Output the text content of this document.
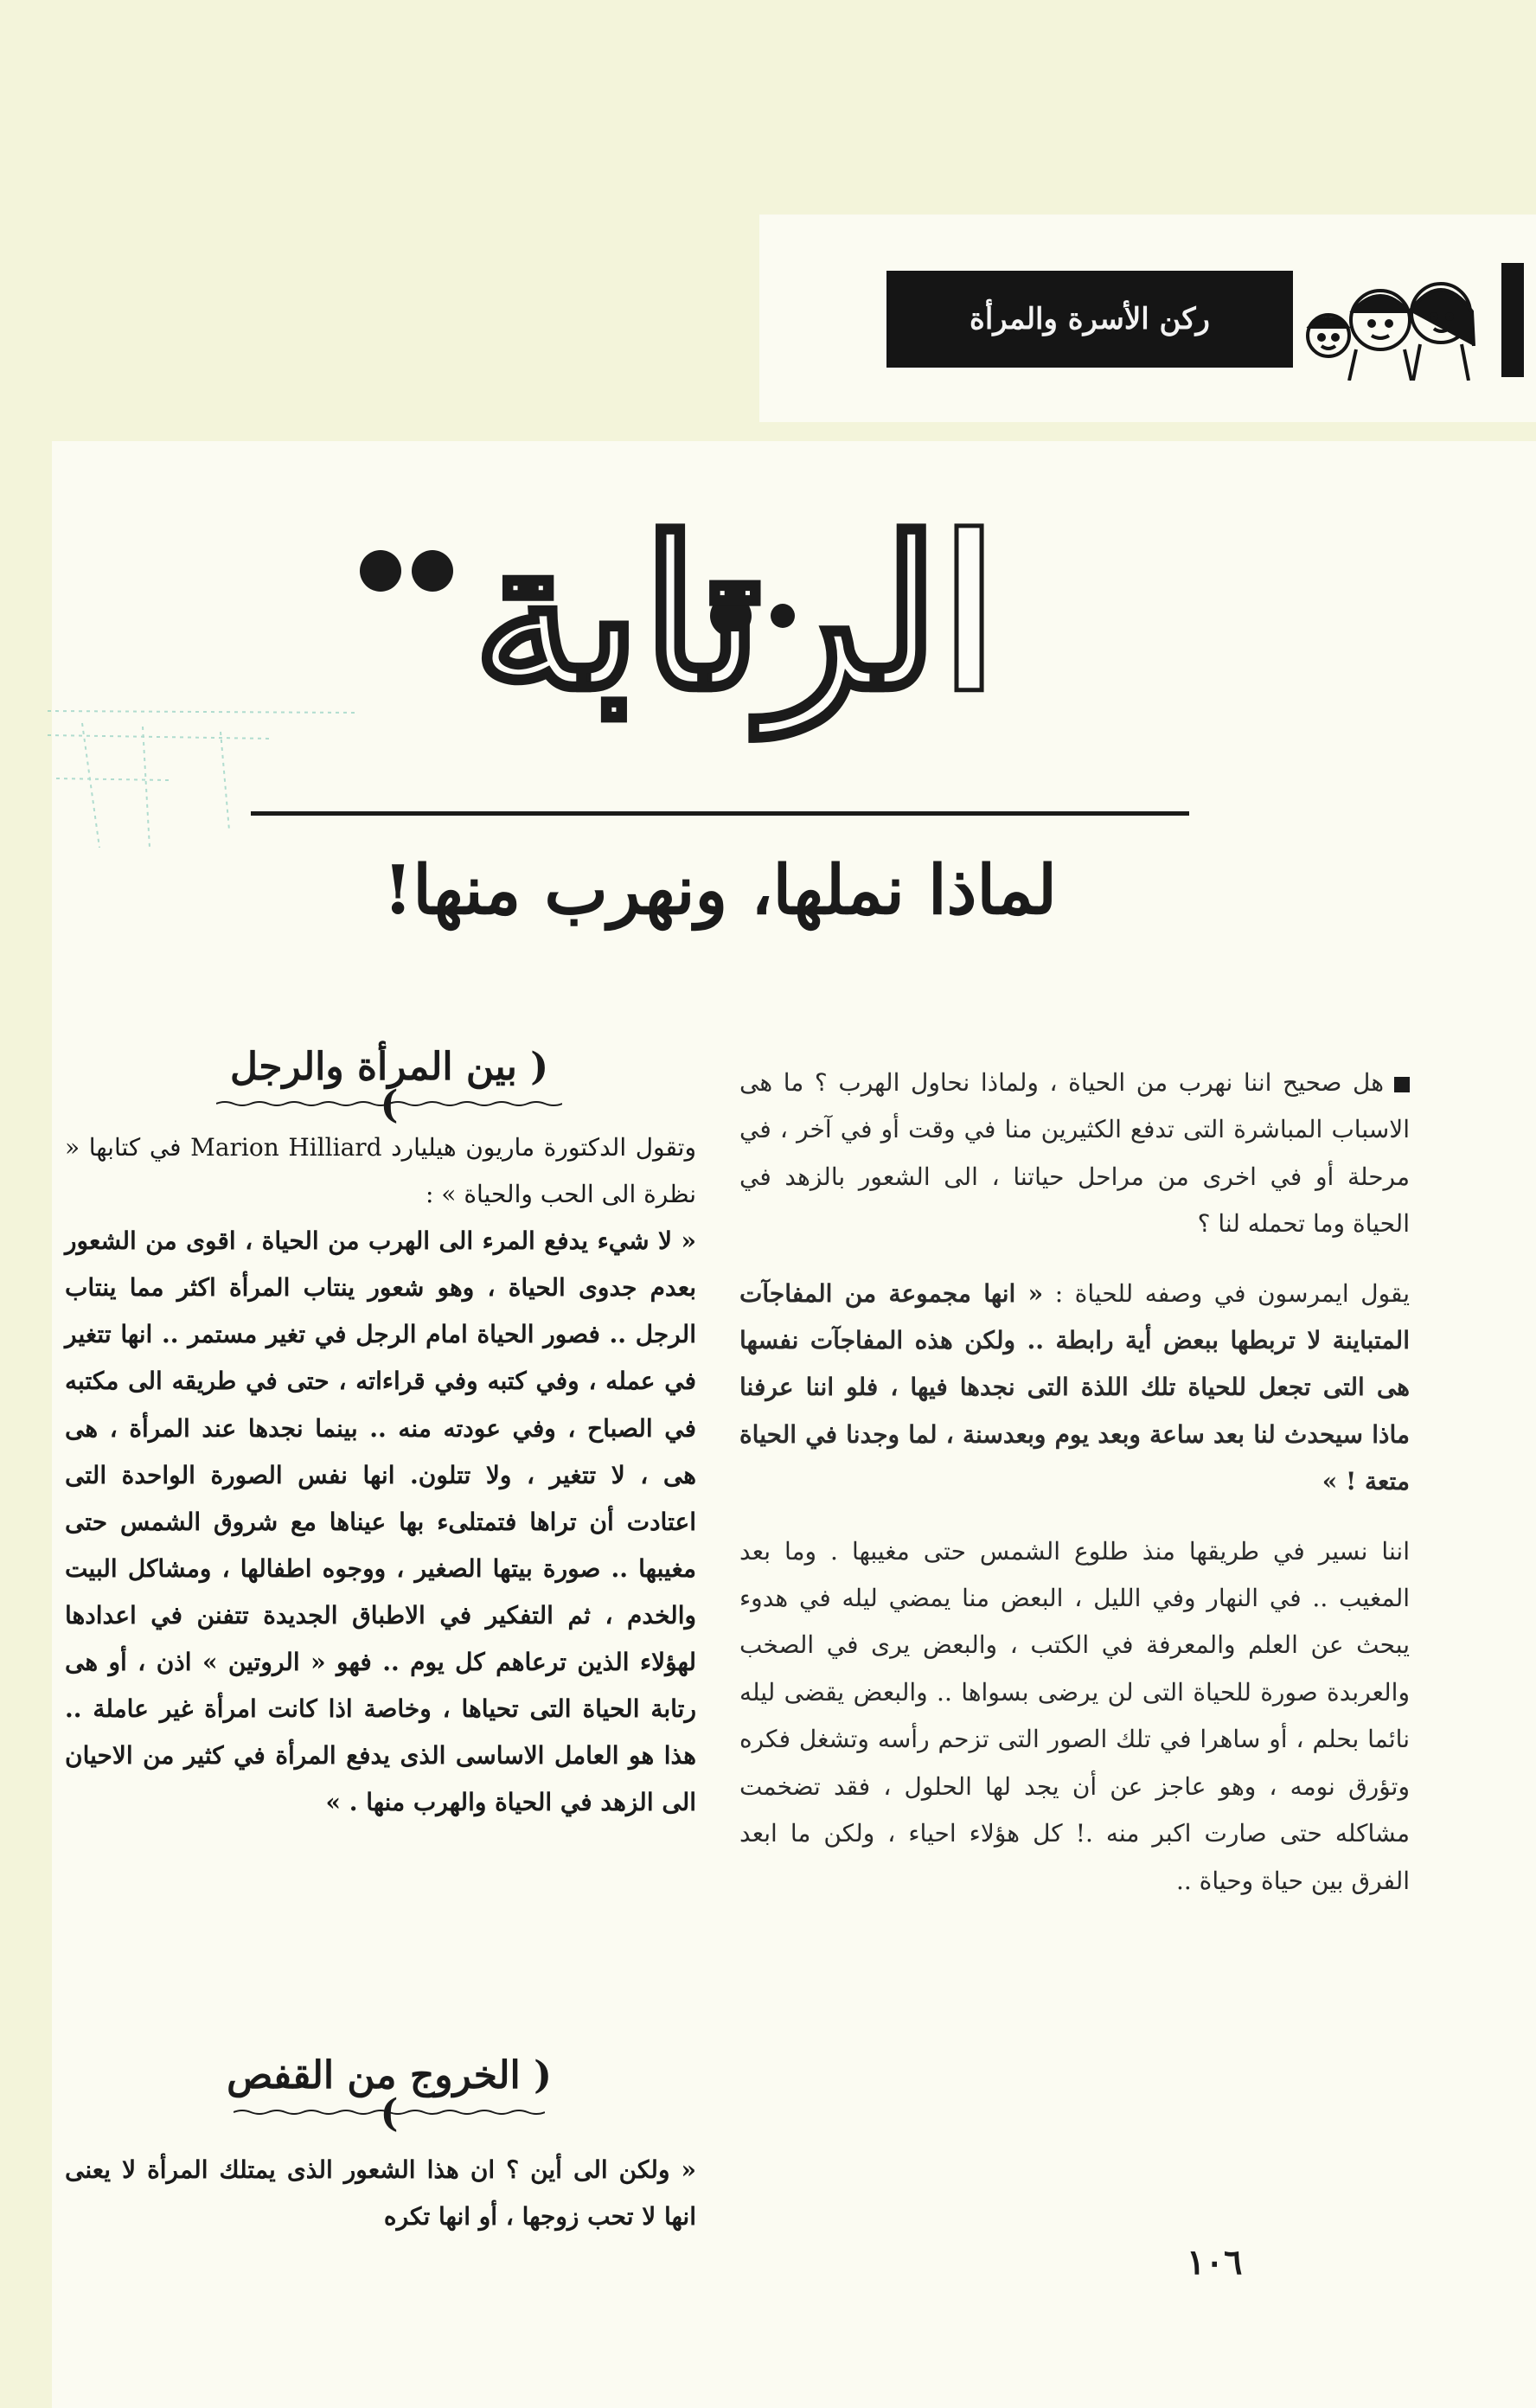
ركن الأسرة والمرأة
الرتابة
لماذا نملها، ونهرب منها!

هل صحيح اننا نهرب من الحياة ، ولماذا نحاول الهرب ؟ ما هى الاسباب المباشرة التى تدفع الكثيرين منا في وقت أو في آخر ، في مرحلة أو في اخرى من مراحل حياتنا ، الى الشعور بالزهد في الحياة وما تحمله لنا ؟

يقول ايمرسون في وصفه للحياة : « انها مجموعة من المفاجآت المتباينة لا تربطها ببعض أية رابطة .. ولكن هذه المفاجآت نفسها هى التى تجعل للحياة تلك اللذة التى نجدها فيها ، فلو اننا عرفنا ماذا سيحدث لنا بعد ساعة وبعد يوم وبعدسنة ، لما وجدنا في الحياة متعة ! »

اننا نسير في طريقها منذ طلوع الشمس حتى مغيبها . وما بعد المغيب .. في النهار وفي الليل ، البعض منا يمضي ليله في هدوء يبحث عن العلم والمعرفة في الكتب ، والبعض يرى في الصخب والعربدة صورة للحياة التى لن يرضى بسواها .. والبعض يقضى ليله نائما بحلم ، أو ساهرا في تلك الصور التى تزحم رأسه وتشغل فكره وتؤرق نومه ، وهو عاجز عن أن يجد لها الحلول ، فقد تضخمت مشاكله حتى صارت اكبر منه .! كل هؤلاء احياء ، ولكن ما ابعد الفرق بين حياة وحياة ..

( بين المرأة والرجل )

وتقول الدكتورة ماريون هيليارد Marion Hilliard في كتابها « نظرة الى الحب والحياة » :

« لا شيء يدفع المرء الى الهرب من الحياة ، اقوى من الشعور بعدم جدوى الحياة ، وهو شعور ينتاب المرأة اكثر مما ينتاب الرجل .. فصور الحياة امام الرجل في تغير مستمر .. انها تتغير في عمله ، وفي كتبه وفي قراءاته ، حتى في طريقه الى مكتبه في الصباح ، وفي عودته منه .. بينما نجدها عند المرأة ، هى هى ، لا تتغير ، ولا تتلون. انها نفس الصورة الواحدة التى اعتادت أن تراها فتمتلىء بها عيناها مع شروق الشمس حتى مغيبها .. صورة بيتها الصغير ، ووجوه اطفالها ، ومشاكل البيت والخدم ، ثم التفكير في الاطباق الجديدة تتفنن في اعدادها لهؤلاء الذين ترعاهم كل يوم .. فهو « الروتين » اذن ، أو هى رتابة الحياة التى تحياها ، وخاصة اذا كانت امرأة غير عاملة .. هذا هو العامل الاساسى الذى يدفع المرأة في كثير من الاحيان الى الزهد في الحياة والهرب منها . »

( الخروج من القفص )
« ولكن الى أين ؟ ان هذا الشعور الذى يمتلك المرأة لا يعنى انها لا تحب زوجها ، أو انها تكره
١٠٦
